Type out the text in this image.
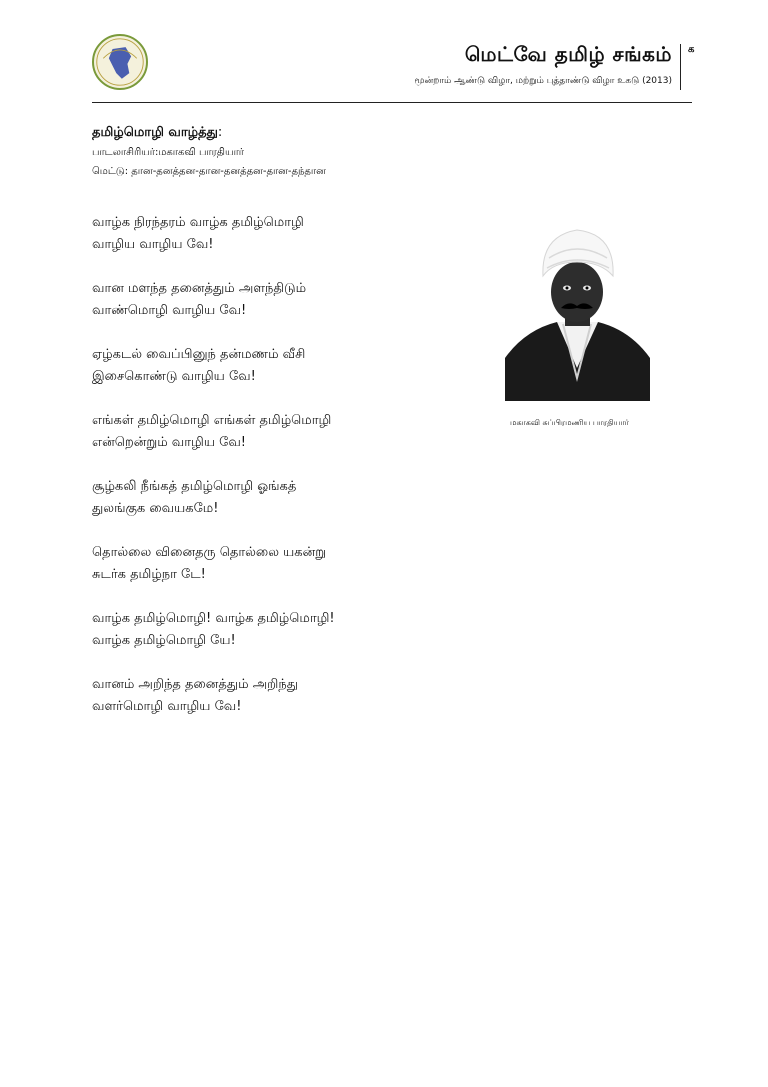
மெட்வே தமிழ் சங்கம்
மூன்றாம் ஆண்டு விழா, மற்றும் புத்தாண்டு விழா உகடு (2013)
க
தமிழ்மொழி வாழ்த்து:
பாடலாசிரியர்:மகாகவி பாரதியார்
மெட்டு: தான-தனத்தன-தான-தனத்தன-தான-தந்தான
வாழ்க நிரந்தரம் வாழ்க தமிழ்மொழி
வாழிய வாழிய வே!
வான மளந்த தனைத்தும் அளந்திடும்
வாண்மொழி வாழிய வே!
ஏழ்கடல் வைப்பினுந் தன்மணம் வீசி
இசைகொண்டு வாழிய வே!
எங்கள் தமிழ்மொழி எங்கள் தமிழ்மொழி
என்றென்றும் வாழிய வே!
சூழ்கலி நீங்கத் தமிழ்மொழி ஓங்கத்
துலங்குக வையகமே!
தொல்லை வினைதரு தொல்லை யகன்று
சுடர்க தமிழ்நா டே!
வாழ்க தமிழ்மொழி! வாழ்க தமிழ்மொழி!
வாழ்க தமிழ்மொழி யே!
வானம் அறிந்த தனைத்தும் அறிந்து
வளர்மொழி வாழிய வே!
மகாகவி சுப்பிரமணிய பாரதியார்
